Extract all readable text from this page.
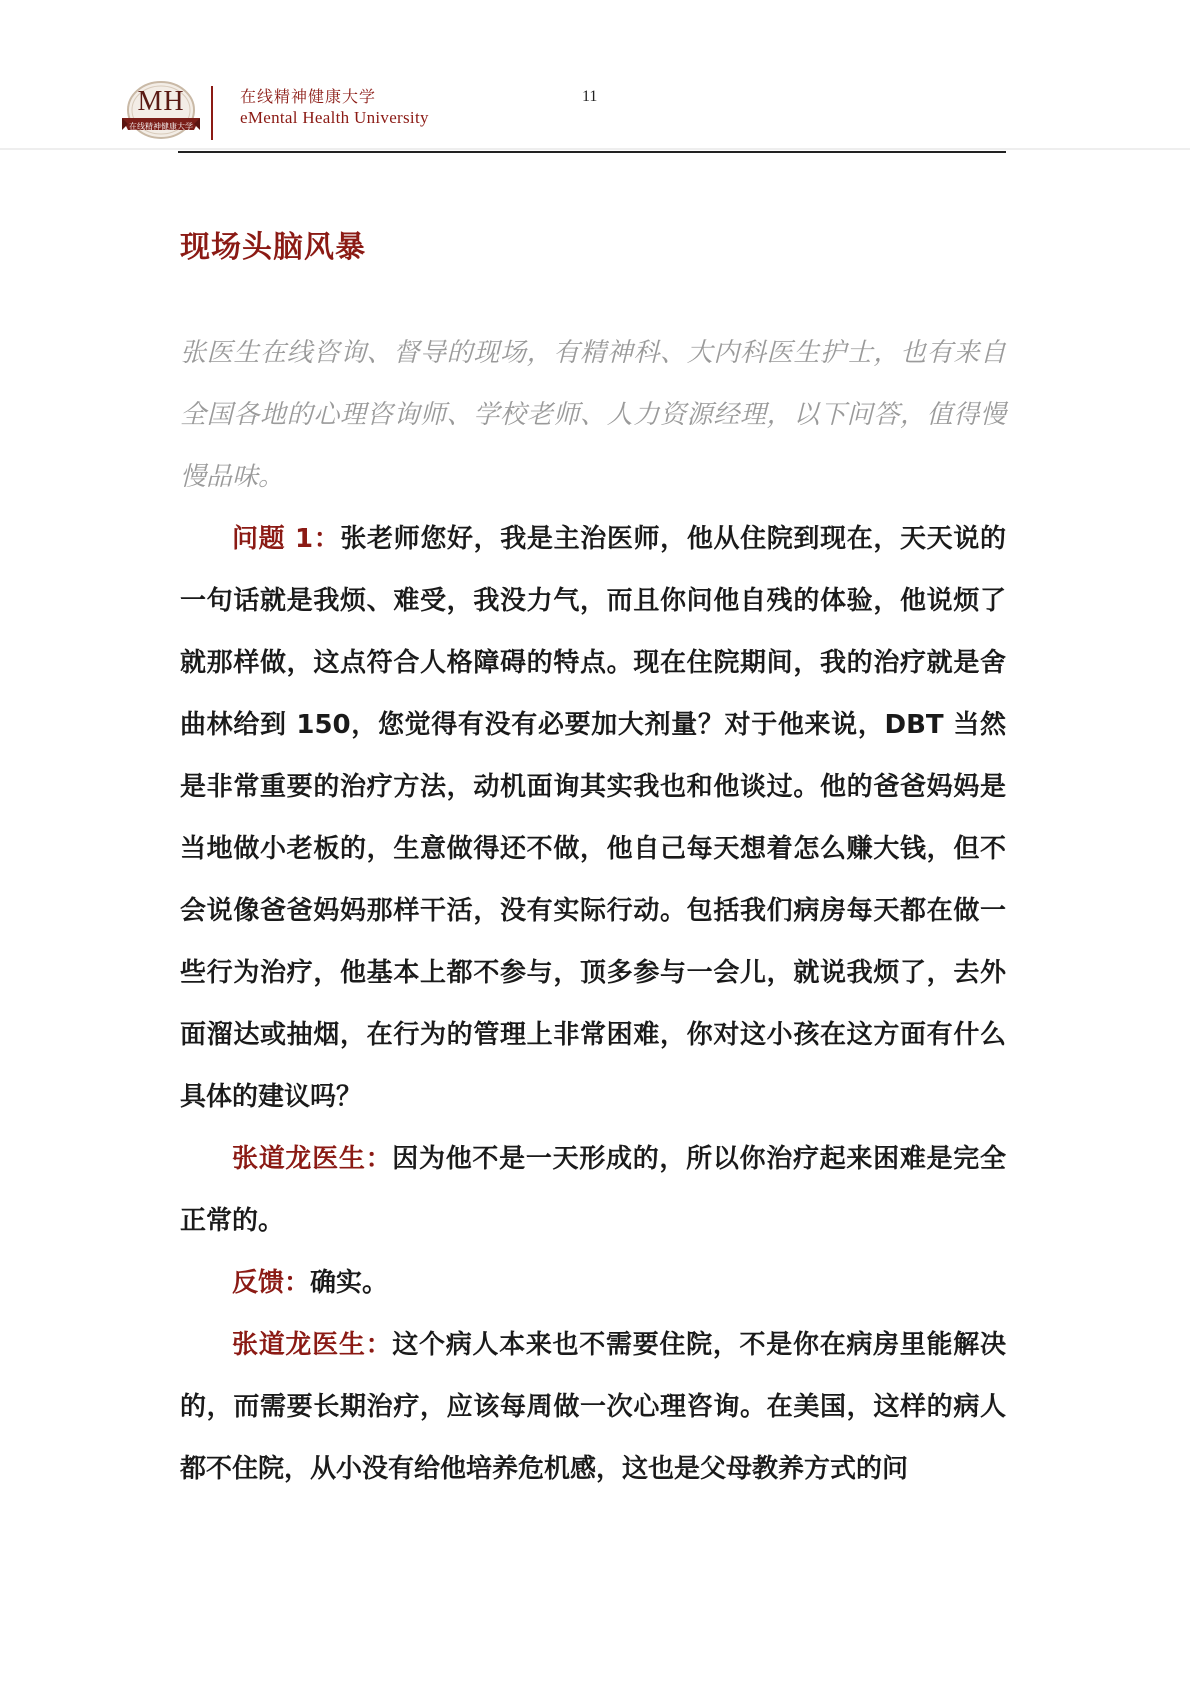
MH
在线精神健康大学
在线精神健康大学
eMental Health University
11
现场头脑风暴

张医生在线咨询、督导的现场，有精神科、大内科医生护士，也有来自全国各地的心理咨询师、学校老师、人力资源经理，以下问答，值得慢慢品味。

问题 1：张老师您好，我是主治医师，他从住院到现在，天天说的一句话就是我烦、难受，我没力气，而且你问他自残的体验，他说烦了就那样做，这点符合人格障碍的特点。现在住院期间，我的治疗就是舍曲林给到 150，您觉得有没有必要加大剂量？对于他来说，DBT 当然是非常重要的治疗方法，动机面询其实我也和他谈过。他的爸爸妈妈是当地做小老板的，生意做得还不做，他自己每天想着怎么赚大钱，但不会说像爸爸妈妈那样干活，没有实际行动。包括我们病房每天都在做一些行为治疗，他基本上都不参与，顶多参与一会儿，就说我烦了，去外面溜达或抽烟，在行为的管理上非常困难，你对这小孩在这方面有什么具体的建议吗？

张道龙医生：因为他不是一天形成的，所以你治疗起来困难是完全正常的。

反馈：确实。

张道龙医生：这个病人本来也不需要住院，不是你在病房里能解决的，而需要长期治疗，应该每周做一次心理咨询。在美国，这样的病人都不住院，从小没有给他培养危机感，这也是父母教养方式的问
